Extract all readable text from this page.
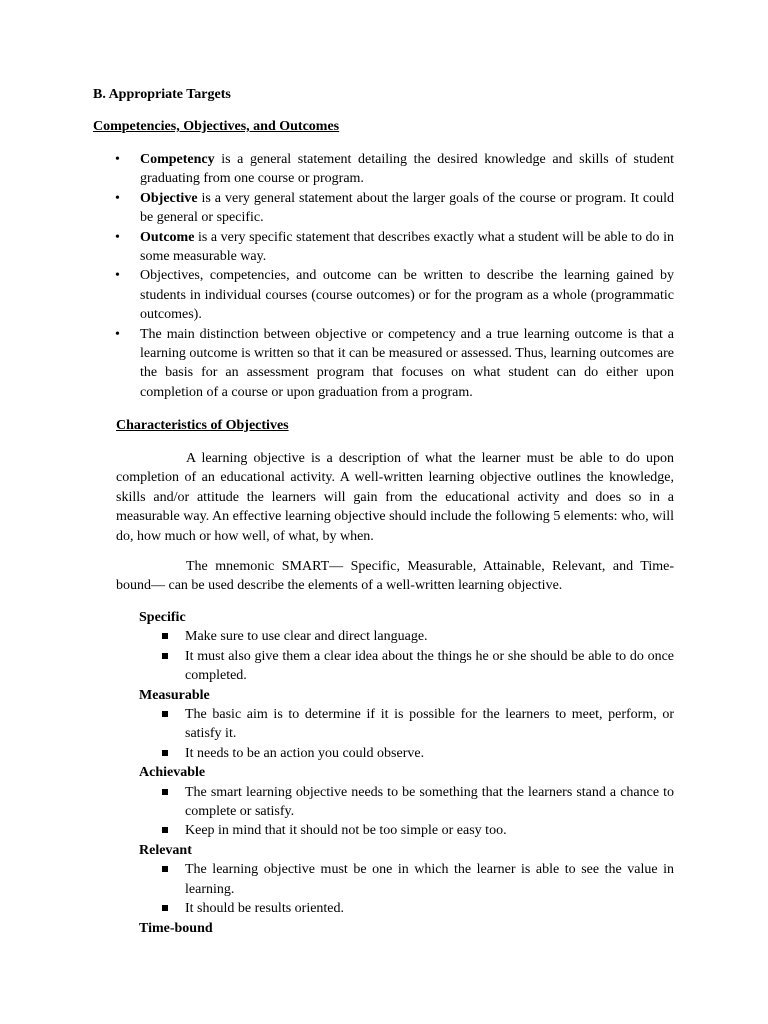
B. Appropriate Targets
Competencies, Objectives, and Outcomes
• Competency is a general statement detailing the desired knowledge and skills of student graduating from one course or program.
• Objective is a very general statement about the larger goals of the course or program. It could be general or specific.
• Outcome is a very specific statement that describes exactly what a student will be able to do in some measurable way.
• Objectives, competencies, and outcome can be written to describe the learning gained by students in individual courses (course outcomes) or for the program as a whole (programmatic outcomes).
• The main distinction between objective or competency and a true learning outcome is that a learning outcome is written so that it can be measured or assessed. Thus, learning outcomes are the basis for an assessment program that focuses on what student can do either upon completion of a course or upon graduation from a program.
Characteristics of Objectives

A learning objective is a description of what the learner must be able to do upon completion of an educational activity. A well-written learning objective outlines the knowledge, skills and/or attitude the learners will gain from the educational activity and does so in a measurable way. An effective learning objective should include the following 5 elements: who, will do, how much or how well, of what, by when.

The mnemonic SMART— Specific, Measurable, Attainable, Relevant, and Time-bound— can be used describe the elements of a well-written learning objective.

Specific

Make sure to use clear and direct language.
It must also give them a clear idea about the things he or she should be able to do once completed.

Measurable

The basic aim is to determine if it is possible for the learners to meet, perform, or satisfy it.
It needs to be an action you could observe.

Achievable

The smart learning objective needs to be something that the learners stand a chance to complete or satisfy.
Keep in mind that it should not be too simple or easy too.

Relevant

The learning objective must be one in which the learner is able to see the value in learning.
It should be results oriented.

Time-bound
